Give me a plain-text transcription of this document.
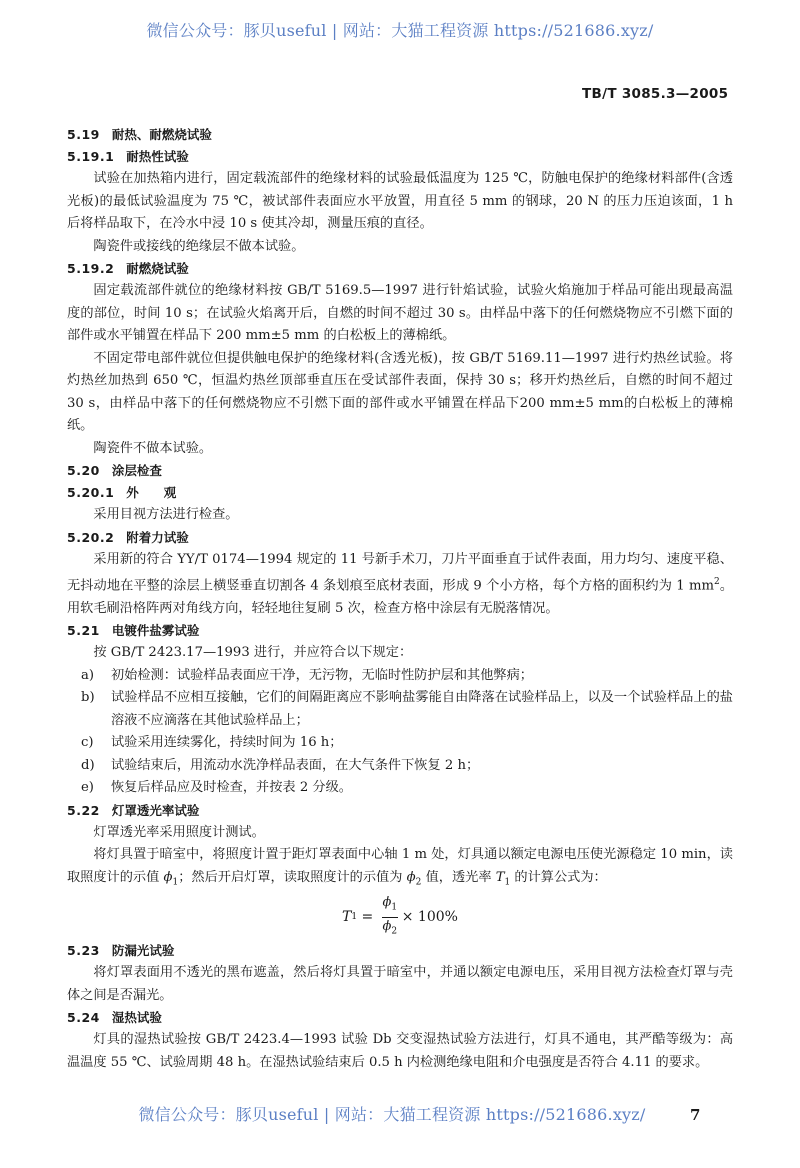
微信公众号：豚贝useful | 网站：大猫工程资源 https://521686.xyz/
TB/T 3085.3—2005
5.19 耐热、耐燃烧试验
5.19.1 耐热性试验

试验在加热箱内进行，固定载流部件的绝缘材料的试验最低温度为 125 ℃，防触电保护的绝缘材料部件(含透光板)的最低试验温度为 75 ℃，被试部件表面应水平放置，用直径 5 mm 的钢球，20 N 的压力压迫该面，1 h 后将样品取下，在冷水中浸 10 s 使其冷却，测量压痕的直径。

陶瓷件或接线的绝缘层不做本试验。

5.19.2 耐燃烧试验

固定载流部件就位的绝缘材料按 GB/T 5169.5—1997 进行针焰试验，试验火焰施加于样品可能出现最高温度的部位，时间 10 s；在试验火焰离开后，自燃的时间不超过 30 s。由样品中落下的任何燃烧物应不引燃下面的部件或水平铺置在样品下 200 mm±5 mm 的白松板上的薄棉纸。

不固定带电部件就位但提供触电保护的绝缘材料(含透光板)，按 GB/T 5169.11—1997 进行灼热丝试验。将灼热丝加热到 650 ℃，恒温灼热丝顶部垂直压在受试部件表面，保持 30 s；移开灼热丝后，自燃的时间不超过 30 s，由样品中落下的任何燃烧物应不引燃下面的部件或水平铺置在样品下200 mm±5 mm的白松板上的薄棉纸。

陶瓷件不做本试验。

5.20 涂层检查
5.20.1 外　　观

采用目视方法进行检查。

5.20.2 附着力试验

采用新的符合 YY/T 0174—1994 规定的 11 号新手术刀，刀片平面垂直于试件表面，用力均匀、速度平稳、无抖动地在平整的涂层上横竖垂直切割各 4 条划痕至底材表面，形成 9 个小方格，每个方格的面积约为 1 $mm^2$。用软毛刷沿格阵两对角线方向，轻轻地往复刷 5 次，检查方格中涂层有无脱落情况。

5.21 电镀件盐雾试验

按 GB/T 2423.17—1993 进行，并应符合以下规定：

a)	初始检测：试验样品表面应干净，无污物，无临时性防护层和其他弊病；
b)	试验样品不应相互接触，它们的间隔距离应不影响盐雾能自由降落在试验样品上，以及一个试验样品上的盐溶液不应滴落在其他试验样品上；
c)	试验采用连续雾化，持续时间为 16 h；
d)	试验结束后，用流动水洗净样品表面，在大气条件下恢复 2 h；
e)	恢复后样品应及时检查，并按表 2 分级。
5.22 灯罩透光率试验

灯罩透光率采用照度计测试。

将灯具置于暗室中，将照度计置于距灯罩表面中心轴 1 m 处，灯具通以额定电源电压使光源稳定 10 min，读取照度计的示值 $\phi_1$；然后开启灯罩，读取照度计的示值为 $\phi_2$ 值，透光率 $T_1$ 的计算公式为：

T $1 = \frac{\phi_1}{\phi_2} \times 100\%$
5.23 防漏光试验

将灯罩表面用不透光的黑布遮盖，然后将灯具置于暗室中，并通以额定电源电压，采用目视方法检查灯罩与壳体之间是否漏光。

5.24 湿热试验

灯具的湿热试验按 GB/T 2423.4—1993 试验 Db 交变湿热试验方法进行，灯具不通电，其严酷等级为：高温温度 55 ℃、试验周期 48 h。在湿热试验结束后 0.5 h 内检测绝缘电阻和介电强度是否符合 4.11 的要求。

微信公众号：豚贝useful | 网站：大猫工程资源 https://521686.xyz/	7
